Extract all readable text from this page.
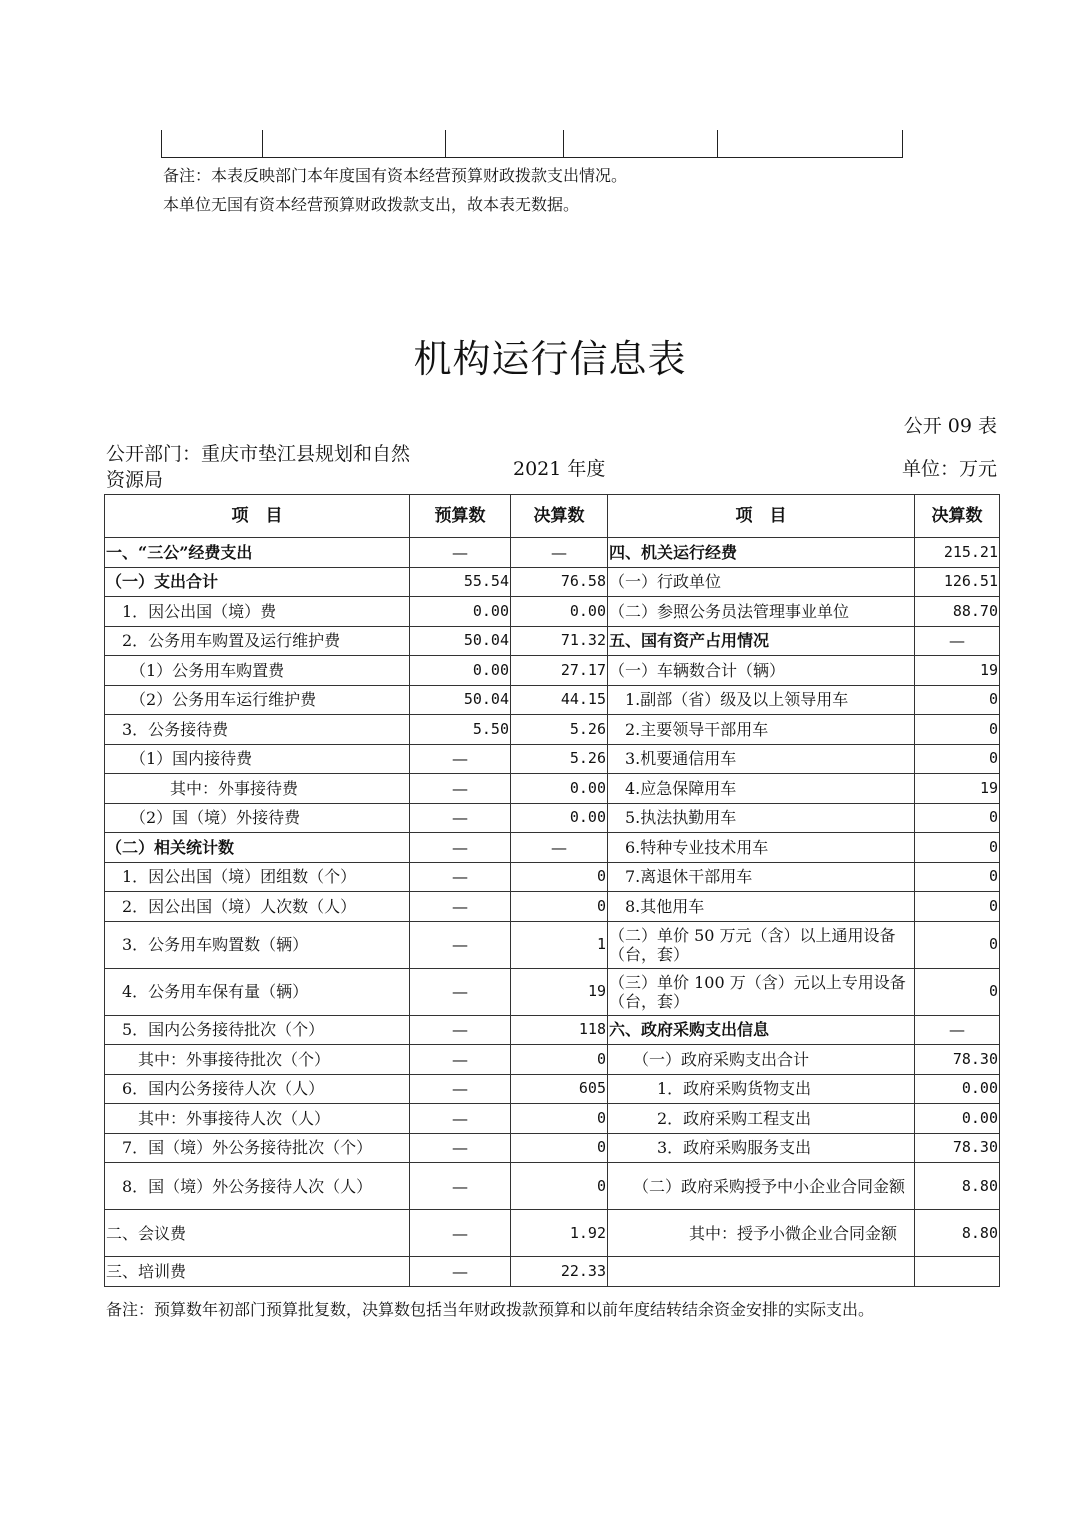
备注：本表反映部门本年度国有资本经营预算财政拨款支出情况。
本单位无国有资本经营预算财政拨款支出，故本表无数据。
机构运行信息表
公开 09 表
公开部门：重庆市垫江县规划和自然资源局	2021 年度	单位：万元
项　目	预算数	决算数	项　目	决算数
一、“三公”经费支出	—	—	四、机关运行经费	215.21
（一）支出合计	55.54	76.58	（一）行政单位	126.51
　1．因公出国（境）费	0.00	0.00	（二）参照公务员法管理事业单位	88.70
　2．公务用车购置及运行维护费	50.04	71.32	五、国有资产占用情况	—
　　（1）公务用车购置费	0.00	27.17	（一）车辆数合计（辆）	19
　　（2）公务用车运行维护费	50.04	44.15	　1.副部（省）级及以上领导用车	0
　3．公务接待费	5.50	5.26	　2.主要领导干部用车	0
　　（1）国内接待费	—	5.26	　3.机要通信用车	0
　　　　其中：外事接待费	—	0.00	　4.应急保障用车	19
　　（2）国（境）外接待费	—	0.00	　5.执法执勤用车	0
（二）相关统计数	—	—	　6.特种专业技术用车	0
　1．因公出国（境）团组数（个）	—	0	　7.离退休干部用车	0
　2．因公出国（境）人次数（人）	—	0	　8.其他用车	0
　3．公务用车购置数（辆）	—	1	（二）单价 50 万元（含）以上通用设备（台，套）	0
　4．公务用车保有量（辆）	—	19	（三）单价 100 万（含）元以上专用设备（台，套）	0
　5．国内公务接待批次（个）	—	118	六、政府采购支出信息	—
　　其中：外事接待批次（个）	—	0	　　（一）政府采购支出合计	78.30
　6．国内公务接待人次（人）	—	605	　　　1．政府采购货物支出	0.00
　　其中：外事接待人次（人）	—	0	　　　2．政府采购工程支出	0.00
　7．国（境）外公务接待批次（个）	—	0	　　　3．政府采购服务支出	78.30
　8．国（境）外公务接待人次（人）	—	0	　　（二）政府采购授予中小企业合同金额	8.80
二、会议费	—	1.92	　　　　　其中：授予小微企业合同金额	8.80
三、培训费	—	22.33		
备注：预算数年初部门预算批复数，决算数包括当年财政拨款预算和以前年度结转结余资金安排的实际支出。
